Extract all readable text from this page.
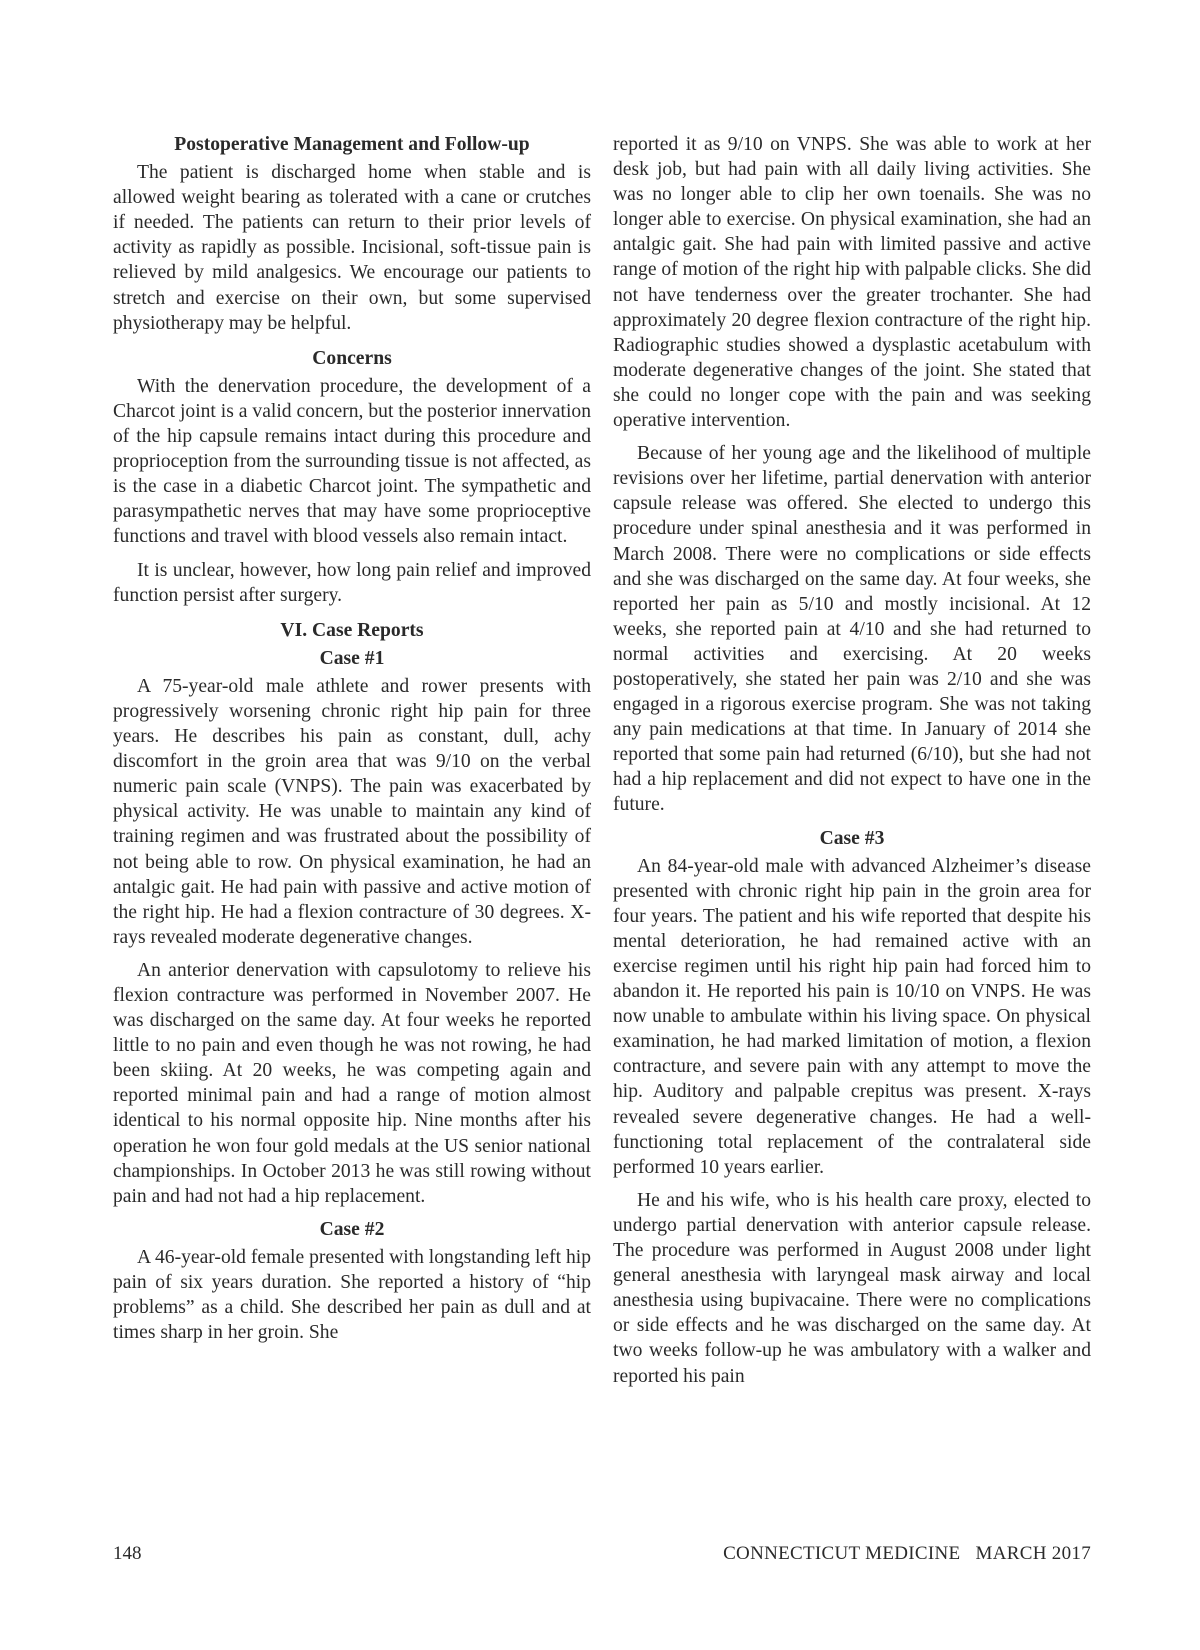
Postoperative Management and Follow-up

The patient is discharged home when stable and is allowed weight bearing as tolerated with a cane or crutches if needed. The patients can return to their prior levels of activity as rapidly as possible. Incisional, soft-tissue pain is relieved by mild analgesics. We encourage our patients to stretch and exercise on their own, but some supervised physiotherapy may be helpful.

Concerns

With the denervation procedure, the development of a Charcot joint is a valid concern, but the posterior innervation of the hip capsule remains intact during this procedure and proprioception from the surrounding tissue is not affected, as is the case in a diabetic Charcot joint. The sympathetic and parasympathetic nerves that may have some proprioceptive functions and travel with blood vessels also remain intact.

It is unclear, however, how long pain relief and improved function persist after surgery.

VI. Case Reports
Case #1

A 75-year-old male athlete and rower presents with progressively worsening chronic right hip pain for three years. He describes his pain as constant, dull, achy discomfort in the groin area that was 9/10 on the verbal numeric pain scale (VNPS). The pain was exacerbated by physical activity. He was unable to maintain any kind of training regimen and was frustrated about the possibility of not being able to row. On physical examination, he had an antalgic gait. He had pain with passive and active motion of the right hip. He had a flexion contracture of 30 degrees. X-rays revealed moderate degenerative changes.

An anterior denervation with capsulotomy to relieve his flexion contracture was performed in November 2007. He was discharged on the same day. At four weeks he reported little to no pain and even though he was not rowing, he had been skiing. At 20 weeks, he was competing again and reported minimal pain and had a range of motion almost identical to his normal opposite hip. Nine months after his operation he won four gold medals at the US senior national championships. In October 2013 he was still rowing without pain and had not had a hip replacement.

Case #2

A 46-year-old female presented with longstanding left hip pain of six years duration. She reported a history of “hip problems” as a child. She described her pain as dull and at times sharp in her groin. She

reported it as 9/10 on VNPS. She was able to work at her desk job, but had pain with all daily living activities. She was no longer able to clip her own toenails. She was no longer able to exercise. On physical examination, she had an antalgic gait. She had pain with limited passive and active range of motion of the right hip with palpable clicks. She did not have tenderness over the greater trochanter. She had approximately 20 degree flexion contracture of the right hip. Radiographic studies showed a dysplastic acetabulum with moderate degenerative changes of the joint. She stated that she could no longer cope with the pain and was seeking operative intervention.

Because of her young age and the likelihood of multiple revisions over her lifetime, partial denervation with anterior capsule release was offered. She elected to undergo this procedure under spinal anesthesia and it was performed in March 2008. There were no complications or side effects and she was discharged on the same day. At four weeks, she reported her pain as 5/10 and mostly incisional. At 12 weeks, she reported pain at 4/10 and she had returned to normal activities and exercising. At 20 weeks postoperatively, she stated her pain was 2/10 and she was engaged in a rigorous exercise program. She was not taking any pain medications at that time. In January of 2014 she reported that some pain had returned (6/10), but she had not had a hip replacement and did not expect to have one in the future.

Case #3

An 84-year-old male with advanced Alzheimer’s disease presented with chronic right hip pain in the groin area for four years. The patient and his wife reported that despite his mental deterioration, he had remained active with an exercise regimen until his right hip pain had forced him to abandon it. He reported his pain is 10/10 on VNPS. He was now unable to ambulate within his living space. On physical examination, he had marked limitation of motion, a flexion contracture, and severe pain with any attempt to move the hip. Auditory and palpable crepitus was present. X-rays revealed severe degenerative changes. He had a well-functioning total replacement of the contralateral side performed 10 years earlier.

He and his wife, who is his health care proxy, elected to undergo partial denervation with anterior capsule release. The procedure was performed in August 2008 under light general anesthesia with laryngeal mask airway and local anesthesia using bupivacaine. There were no complications or side effects and he was discharged on the same day. At two weeks follow-up he was ambulatory with a walker and reported his pain

148	CONNECTICUT MEDICINE   MARCH 2017
